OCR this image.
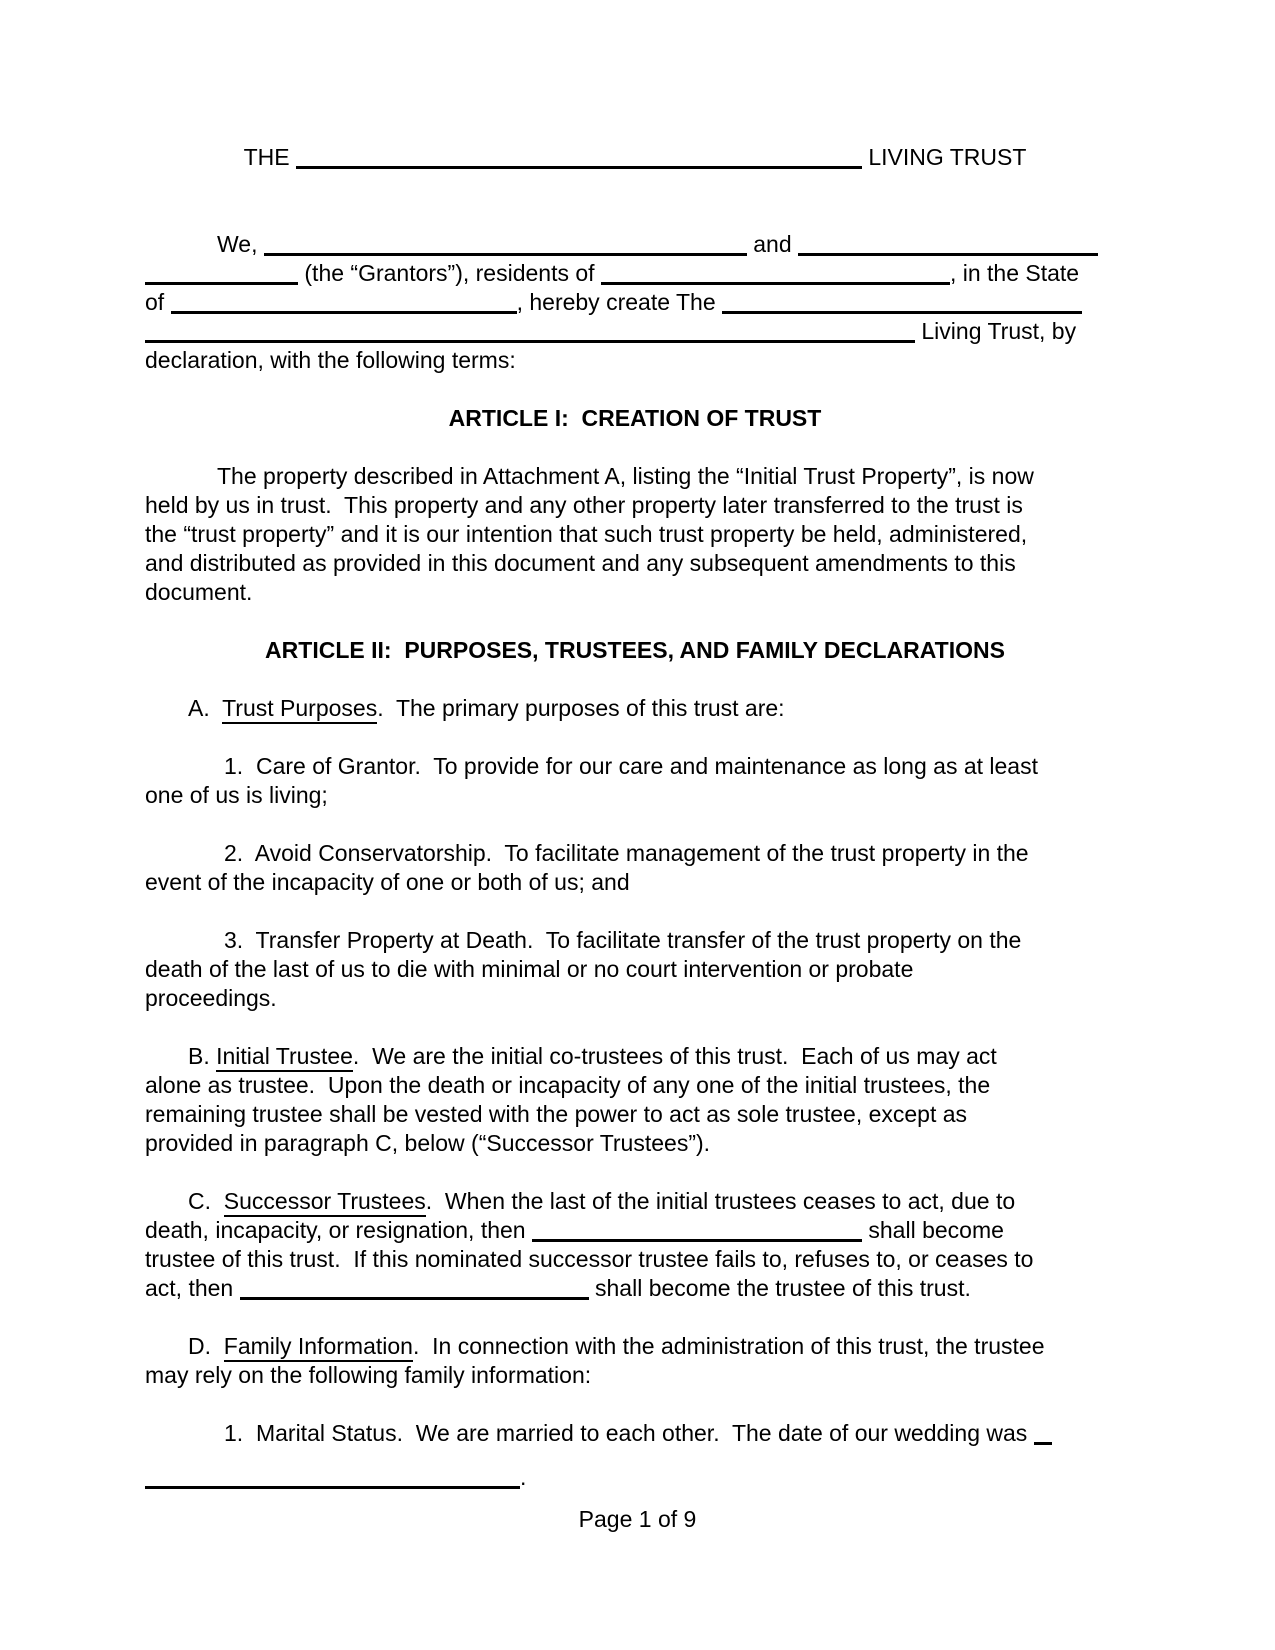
THE	LIVING TRUST
We,	and
(the “Grantors”), residents of	, in the State
of	, hereby create The
Living Trust, by
declaration, with the following terms:
ARTICLE I:  CREATION OF TRUST
The property described in Attachment A, listing the “Initial Trust Property”, is now
held by us in trust.  This property and any other property later transferred to the trust is
the “trust property” and it is our intention that such trust property be held, administered,
and distributed as provided in this document and any subsequent amendments to this
document.
ARTICLE II:  PURPOSES, TRUSTEES, AND FAMILY DECLARATIONS
A.  Trust Purposes.  The primary purposes of this trust are:
1.  Care of Grantor.  To provide for our care and maintenance as long as at least
one of us is living;
2.  Avoid Conservatorship.  To facilitate management of the trust property in the
event of the incapacity of one or both of us; and
3.  Transfer Property at Death.  To facilitate transfer of the trust property on the
death of the last of us to die with minimal or no court intervention or probate
proceedings.
B. Initial Trustee.  We are the initial co-trustees of this trust.  Each of us may act
alone as trustee.  Upon the death or incapacity of any one of the initial trustees, the
remaining trustee shall be vested with the power to act as sole trustee, except as
provided in paragraph C, below (“Successor Trustees”).
C.  Successor Trustees.  When the last of the initial trustees ceases to act, due to
death, incapacity, or resignation, then	shall become
trustee of this trust.  If this nominated successor trustee fails to, refuses to, or ceases to
act, then	shall become the trustee of this trust.
D.  Family Information.  In connection with the administration of this trust, the trustee
may rely on the following family information:
1.  Marital Status.  We are married to each other.  The date of our wedding was
.
Page 1 of 9
